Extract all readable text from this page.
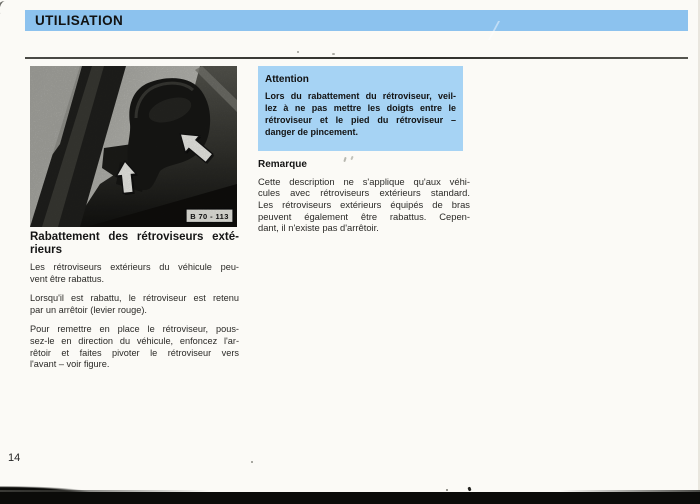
UTILISATION
B 70 - 113
Rabattement des rétroviseurs exté-
rieurs

Les rétroviseurs extérieurs du véhicule peu-
vent être rabattus.

Lorsqu'il est rabattu, le rétroviseur est retenu
par un arrêtoir (levier rouge).

Pour remettre en place le rétroviseur, pous-
sez-le en direction du véhicule, enfoncez l'ar-
rêtoir et faites pivoter le rétroviseur vers
l'avant – voir figure.

Attention
Lors du rabattement du rétroviseur, veil-
lez à ne pas mettre les doigts entre le
rétroviseur et le pied du rétroviseur –
danger de pincement.
Remarque
Cette description ne s'applique qu'aux véhi-
cules avec rétroviseurs extérieurs standard.
Les rétroviseurs extérieurs équipés de bras
peuvent également être rabattus. Cepen-
dant, il n'existe pas d'arrêtoir.
14
